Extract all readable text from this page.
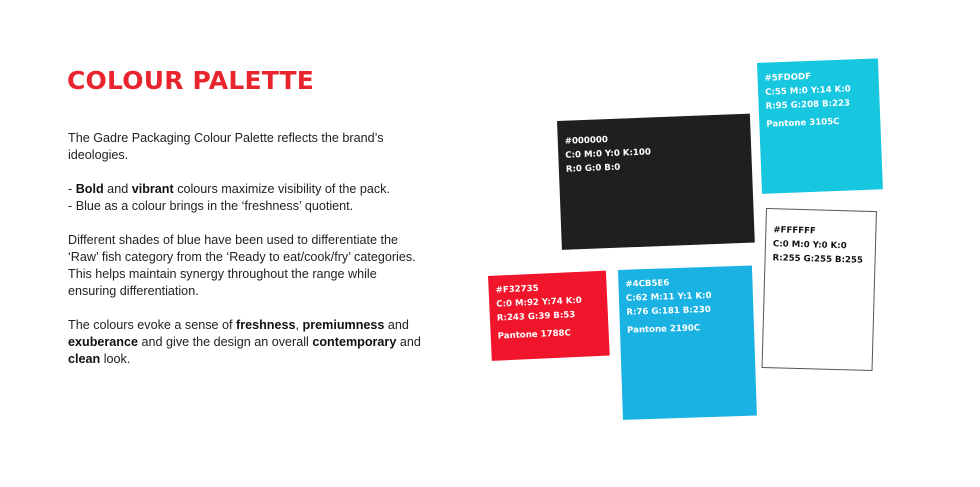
COLOUR PALETTE

The Gadre Packaging Colour Palette reflects the brand’s ideologies.

- Bold and vibrant colours maximize visibility of the pack.
- Blue as a colour brings in the ‘freshness’ quotient.

Different shades of blue have been used to differentiate the ‘Raw’ fish category from the ‘Ready to eat/cook/fry’ categories. This helps maintain synergy throughout the range while ensuring differentiation.

The colours evoke a sense of freshness, premiumness and exuberance and give the design an overall contemporary and clean look.

#000000
C:0 M:0 Y:0 K:100
R:0 G:0 B:0
#5FDODF
C:55 M:0 Y:14 K:0
R:95 G:208 B:223
Pantone 3105C
#FFFFFF
C:0 M:0 Y:0 K:0
R:255 G:255 B:255
#F32735
C:0 M:92 Y:74 K:0
R:243 G:39 B:53
Pantone 1788C
#4CB5E6
C:62 M:11 Y:1 K:0
R:76 G:181 B:230
Pantone 2190C
